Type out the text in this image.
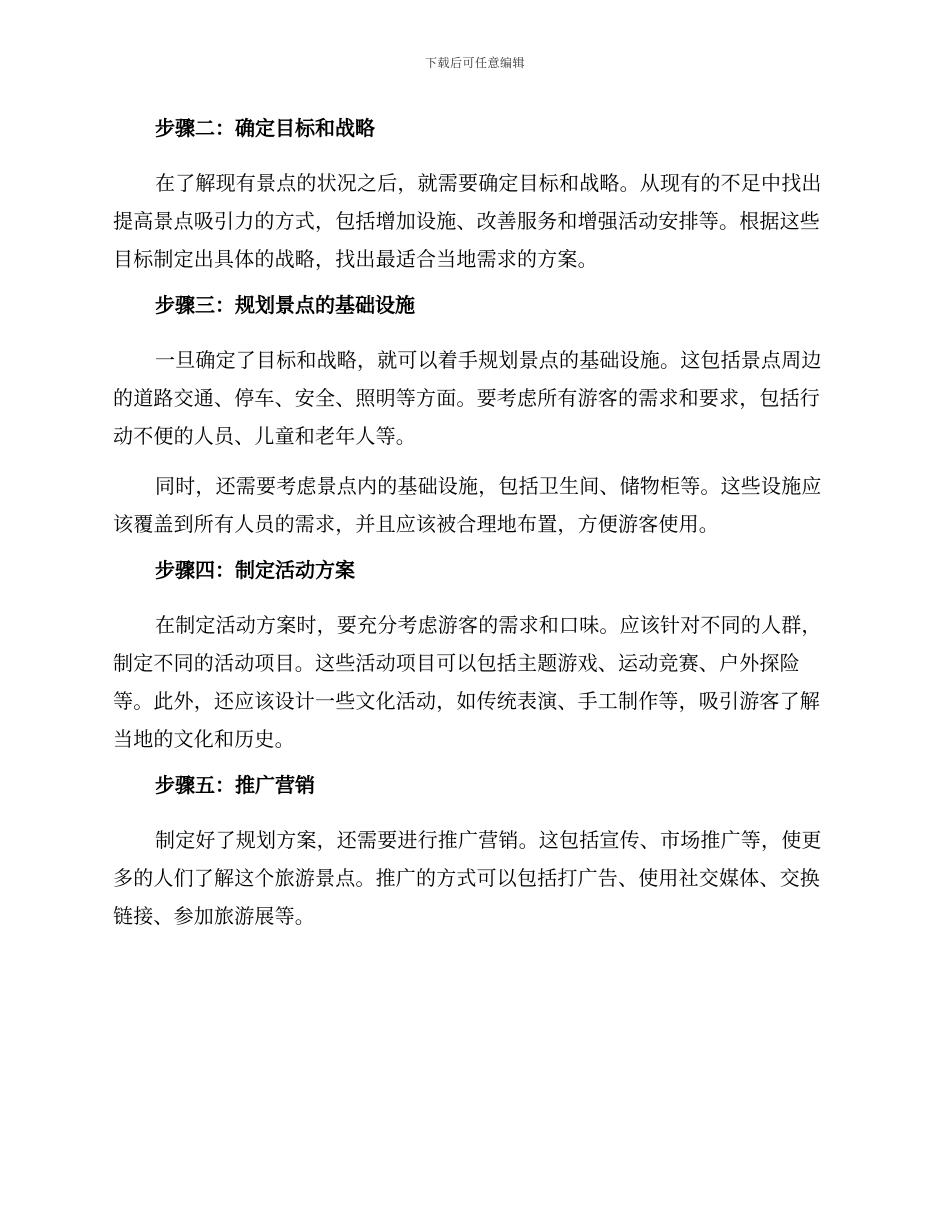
下载后可任意编辑
步骤二：确定目标和战略

在了解现有景点的状况之后，就需要确定目标和战略。从现有的不足中找出提高景点吸引力的方式，包括增加设施、改善服务和增强活动安排等。根据这些目标制定出具体的战略，找出最适合当地需求的方案。

步骤三：规划景点的基础设施

一旦确定了目标和战略，就可以着手规划景点的基础设施。这包括景点周边的道路交通、停车、安全、照明等方面。要考虑所有游客的需求和要求，包括行动不便的人员、儿童和老年人等。

同时，还需要考虑景点内的基础设施，包括卫生间、储物柜等。这些设施应该覆盖到所有人员的需求，并且应该被合理地布置，方便游客使用。

步骤四：制定活动方案

在制定活动方案时，要充分考虑游客的需求和口味。应该针对不同的人群，制定不同的活动项目。这些活动项目可以包括主题游戏、运动竞赛、户外探险等。此外，还应该设计一些文化活动，如传统表演、手工制作等，吸引游客了解当地的文化和历史。

步骤五：推广营销

制定好了规划方案，还需要进行推广营销。这包括宣传、市场推广等，使更多的人们了解这个旅游景点。推广的方式可以包括打广告、使用社交媒体、交换链接、参加旅游展等。
